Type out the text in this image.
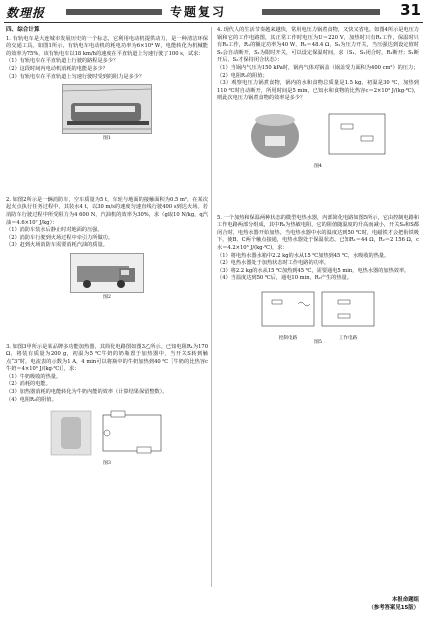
数理报	专题复习	31
四、综合计算

1. 有轨电车是大连城市发展历史的一个标志，它利用电动机提供动力，是一种清洁环保的交通工具。如图1所示，有轨电车电动机的耗电功率为6×10⁴ W，电能转化为机械能的效率为75%，该有轨电车以18 km/h的速度在平直轨道上匀速行驶了100 s，试求：

（1）有轨电车在平直轨道上行驶的路程是多少？

（2）这段时间内电动机消耗的电能是多少？

（3）有轨电车在平直轨道上匀速行驶时受到的阻力是多少？

图1

2. 如图2所示是一辆消防车，空车质量为5 t，车轮与地面的接触面积为0.5 m²，在某次起火点执行任务过程中，其装水4 t，以30 m/s的速度匀速直线行驶400 s到达火场。若消防车行驶过程中所受阻力为4 600 N，汽油机的效率为30%，求（g取10 N/kg，q汽油＝4.6×10⁷ J/kg）：

（1）消防车装水后静止时对地面的压强。

（2）消防车行驶到火场过程中牵引力所做功。

（3）赶到火场消防车需要消耗汽油的质量。

图2

3. 如图3甲所示是某品牌多功能加热器，其简化电路图如图3乙所示。已知电阻R₁为170 Ω，将装有质量为200 g，初温为5 ℃牛奶的奶瓶置于加热器中，当开关S转到触点“3”时，电流表的示数为1 A，4 min可以将瓶中的牛奶加热到40 ℃［牛奶的比热容c牛奶＝4×10³ J/(kg·℃)］，求：

（1）牛奶吸收的热量。

（2）消耗的电能。

（3）加热器消耗的电能转化为牛奶内能的效率（计算结果保留整数）。

（4）电阻R₂的阻值。

图3

4. 现代人的生活节奏越来越快，常用电压力锅煮食物，又快又省电。如图4所示是电压力锅和它的工作电路图，其正常工作时电压为U＝220 V，加热时只有R₁工作，保温时只有R₂工作，R₁的额定功率为40 W，R₂＝48.4 Ω，S₂为压力开关，当压强达到设定值时S₂会自动断开，S₁为限时开关，可以设定保温时间，求（S₁、S₂闭合时，R₁断开；S₁断开后，S₂才保持闭合状态）：

（1）当锅内气压为150 kPa时，锅内气体对锅盖（锅盖受力面积为400 cm²）的压力；

（2）电阻R₁的阻值；

（3）观察电压力锅煮食物，锅内的水和食物总质量是1.5 kg，初温是30 ℃，加热到110 ℃时自动断开，所用时间是5 min，已知水和食物的比热容c＝2×10³ J/(kg·℃)，则此次电压力锅煮食物的效率是多少？

图4

5. 一个加热和保温两种状态的微型电热水器，内部简化电路如图5所示，它由控制电路和工作电路两部分组成，其中R₀为热敏电阻，它的阻值随温度的升高而减小，开关S₀和S都闭合时，电热水器开始加热，当电热水器中水的温度达到50 ℃时，电磁铁才会把衔铁吸下，使B、C两个触点接通，电热水器处于保温状态。已知R₁＝44 Ω，R₂＝2 156 Ω，c水＝4.2×10³ J/(kg·℃)，求：

（1）将电热水器水箱中2.2 kg的水从15 ℃加热到45 ℃，水吸收的热量。

（2）电热水器处于加热状态时工作电路的功率。

（3）将2.2 kg的水从15 ℃加热到45 ℃，需要通电5 min，电热水器的加热效率。

（4）当温度达到50 ℃后，通电10 min，R₂产生的热量。

控制电路	工作电路
图5
本报命题组
（参考答案见15版）
